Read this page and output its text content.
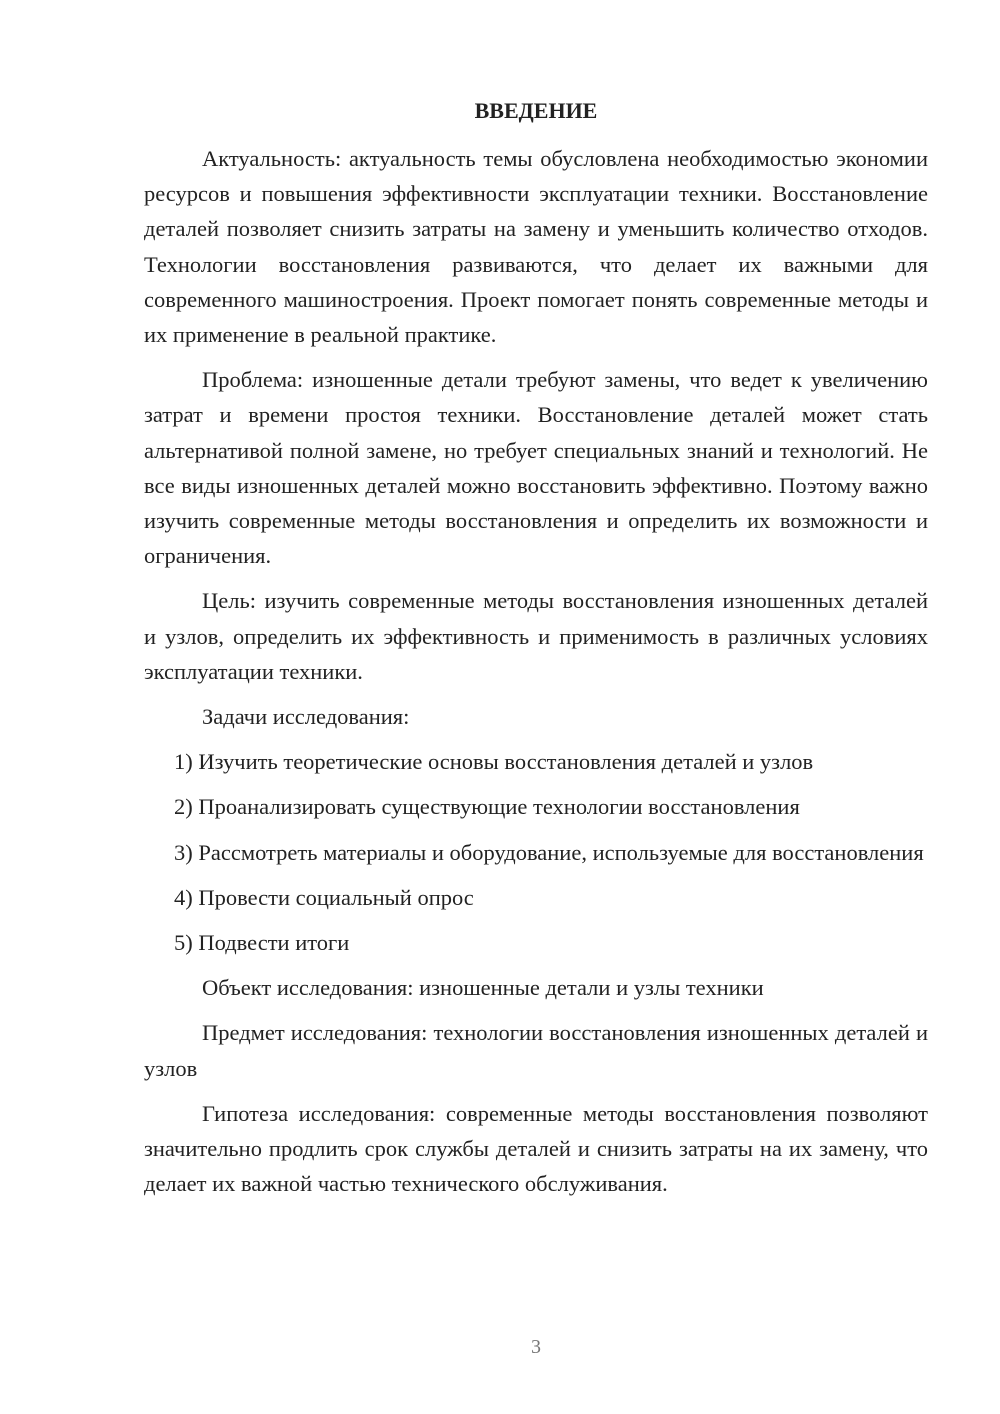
ВВЕДЕНИЕ

Актуальность: актуальность темы обусловлена необходимостью экономии ресурсов и повышения эффективности эксплуатации техники. Восстановление деталей позволяет снизить затраты на замену и уменьшить количество отходов. Технологии восстановления развиваются, что делает их важными для современного машиностроения. Проект помогает понять современные методы и их применение в реальной практике.

Проблема: изношенные детали требуют замены, что ведет к увеличению затрат и времени простоя техники. Восстановление деталей может стать альтернативой полной замене, но требует специальных знаний и технологий. Не все виды изношенных деталей можно восстановить эффективно. Поэтому важно изучить современные методы восстановления и определить их возможности и ограничения.

Цель: изучить современные методы восстановления изношенных деталей и узлов, определить их эффективность и применимость в различных условиях эксплуатации техники.

Задачи исследования:

1) Изучить теоретические основы восстановления деталей и узлов

2) Проанализировать существующие технологии восстановления

3) Рассмотреть материалы и оборудование, используемые для восстановления

4) Провести социальный опрос

5) Подвести итоги

Объект исследования: изношенные детали и узлы техники

Предмет исследования: технологии восстановления изношенных деталей и узлов

Гипотеза исследования: современные методы восстановления позволяют значительно продлить срок службы деталей и снизить затраты на их замену, что делает их важной частью технического обслуживания.

3
